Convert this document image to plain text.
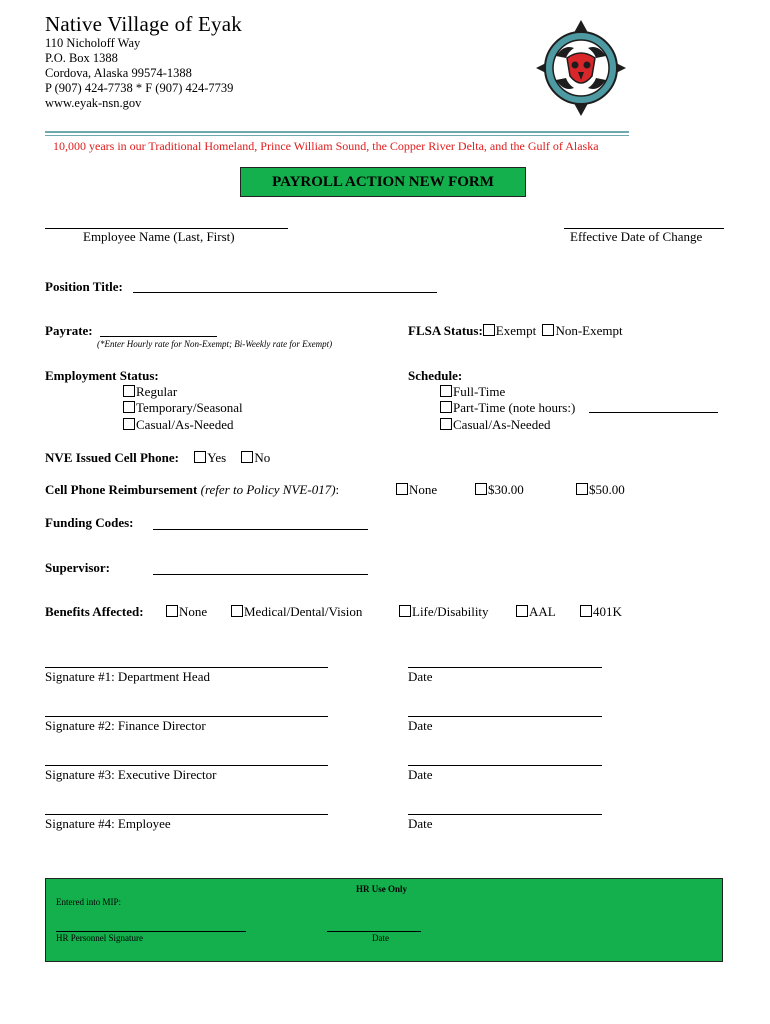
Native Village of Eyak
110 Nicholoff Way
P.O. Box 1388
Cordova, Alaska 99574-1388
P (907) 424-7738 * F (907) 424-7739
www.eyak-nsn.gov
10,000 years in our Traditional Homeland, Prince William Sound, the Copper River Delta, and the Gulf of Alaska
PAYROLL ACTION NEW FORM
Employee Name (Last, First)	Effective Date of Change
Position Title:
Payrate:
(*Enter Hourly rate for Non-Exempt; Bi-Weekly rate for Exempt)
FLSA Status: Exempt Non-Exempt
Employment Status:
Regular
Temporary/Seasonal
Casual/As-Needed
Schedule:
Full-Time
Part-Time (note hours:)
Casual/As-Needed
NVE Issued Cell Phone: Yes No
Cell Phone Reimbursement (refer to Policy NVE-017):	None	$30.00	$50.00
Funding Codes:
Supervisor:
Benefits Affected:	None	Medical/Dental/Vision	Life/Disability	AAL	401K
Signature #1: Department Head	Date
Signature #2: Finance Director	Date
Signature #3: Executive Director	Date
Signature #4: Employee	Date
HR Use Only
Entered into MIP:
HR Personnel Signature	Date
